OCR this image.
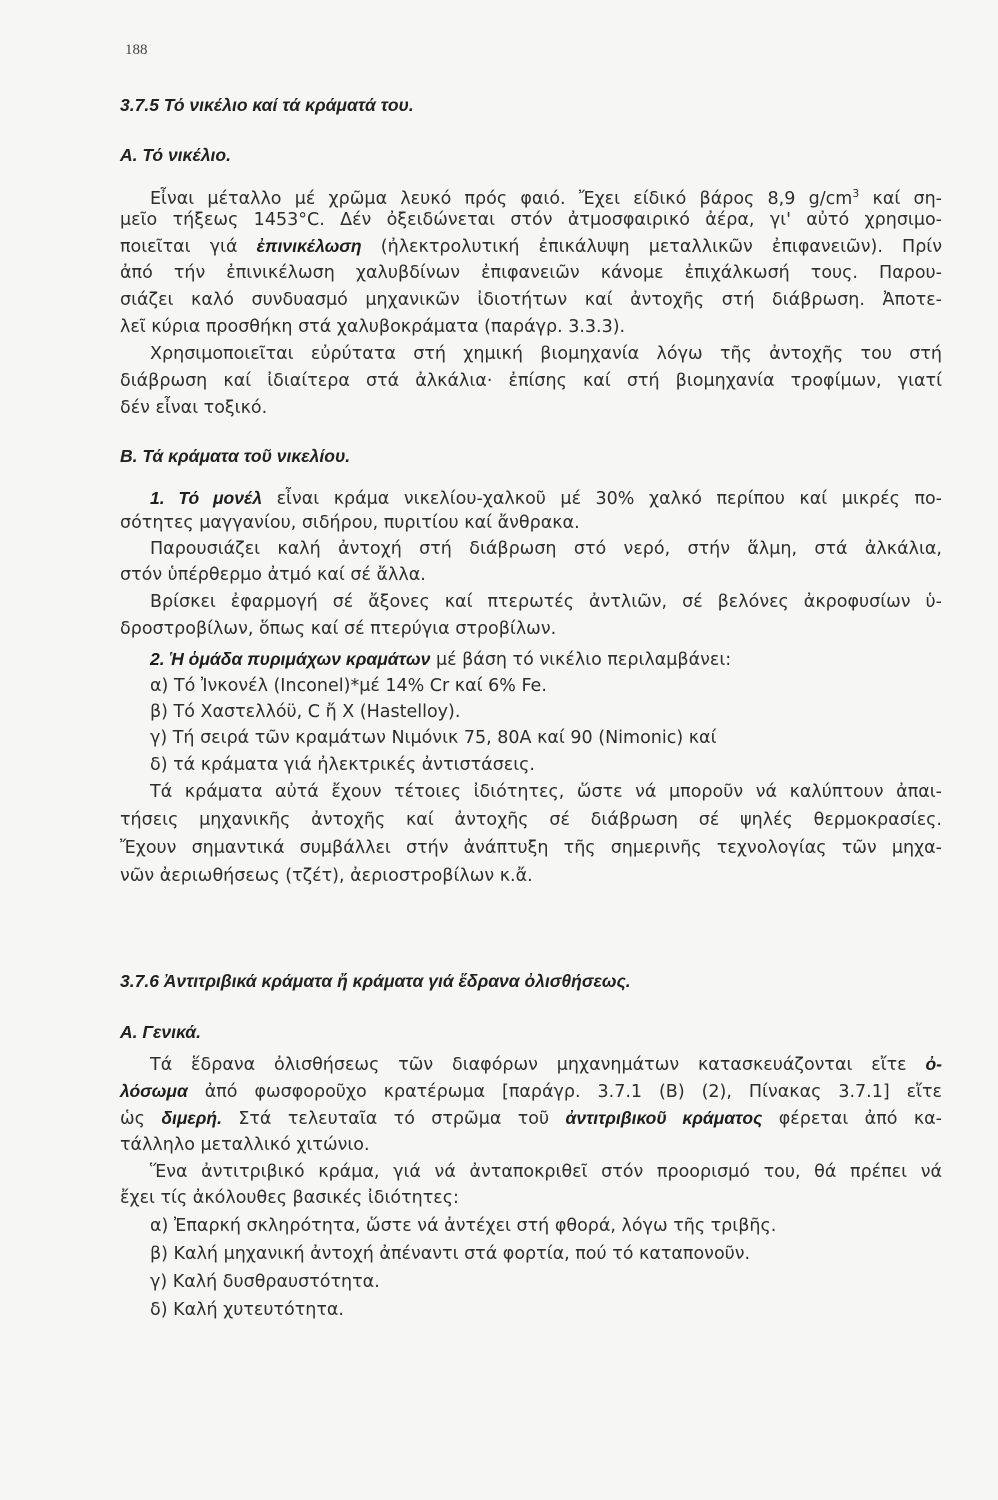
188
3.7.5 Τό νικέλιο καί τά κράματά του.
Α. Τό νικέλιο.
Εἶναι μέταλλο μέ χρῶμα λευκό πρός φαιό. Ἔχει είδικό βάρος 8,9 $g/cm^3$ καί ση-
μεῖο τήξεως 1453°C. Δέν ὀξειδώνεται στόν ἀτμοσφαιρικό ἀέρα, γι' αὐτό χρησιμο-
ποιεῖται γιά ἐπινικέλωση (ἠλεκτρολυτική ἐπικάλυψη μεταλλικῶν ἐπιφανειῶν). Πρίν
ἀπό τήν ἐπινικέλωση χαλυβδίνων ἐπιφανειῶν κάνομε ἐπιχάλκωσή τους. Παρου-
σιάζει καλό συνδυασμό μηχανικῶν ἰδιοτήτων καί ἀντοχῆς στή διάβρωση. Ἀποτε-
λεῖ κύρια προσθήκη στά χαλυβοκράματα (παράγρ. 3.3.3).
Χρησιμοποιεῖται εὐρύτατα στή χημική βιομηχανία λόγω τῆς ἀντοχῆς του στή
διάβρωση καί ἰδιαίτερα στά ἀλκάλια· ἐπίσης καί στή βιομηχανία τροφίμων, γιατί
δέν εἶναι τοξικό.
Β. Τά κράματα τοῦ νικελίου.
1. Τό μονέλ εἶναι κράμα νικελίου-χαλκοῦ μέ 30% χαλκό περίπου καί μικρές πο-
σότητες μαγγανίου, σιδήρου, πυριτίου καί ἄνθρακα.
Παρουσιάζει καλή ἀντοχή στή διάβρωση στό νερό, στήν ἅλμη, στά ἀλκάλια,
στόν ὑπέρθερμο ἀτμό καί σέ ἄλλα.
Βρίσκει ἐφαρμογή σέ ἄξονες καί πτερωτές ἀντλιῶν, σέ βελόνες ἀκροφυσίων ὑ-
δροστροβίλων, ὅπως καί σέ πτερύγια στροβίλων.
2. Ἡ ὁμάδα πυριμάχων κραμάτων μέ βάση τό νικέλιο περιλαμβάνει:
α) Τό Ἰνκονέλ (Inconel)*μέ 14% Cr καί 6% Fe.
β) Τό Χαστελλόϋ, C ἤ X (Hastelloy).
γ) Τή σειρά τῶν κραμάτων Νιμόνικ 75, 80A καί 90 (Nimonic) καί
δ) τά κράματα γιά ἠλεκτρικές ἀντιστάσεις.
Τά κράματα αὐτά ἔχουν τέτοιες ἰδιότητες, ὥστε νά μποροῦν νά καλύπτουν ἀπαι-
τήσεις μηχανικῆς ἀντοχῆς καί ἀντοχῆς σέ διάβρωση σέ ψηλές θερμοκρασίες.
Ἔχουν σημαντικά συμβάλλει στήν ἀνάπτυξη τῆς σημερινῆς τεχνολογίας τῶν μηχα-
νῶν ἀεριωθήσεως (τζέτ), ἀεριοστροβίλων κ.ἄ.
3.7.6 Ἀντιτριβικά κράματα ἤ κράματα γιά ἕδρανα ὀλισθήσεως.
Α. Γενικά.
Τά ἕδρανα ὀλισθήσεως τῶν διαφόρων μηχανημάτων κατασκευάζονται εἴτε ὀ-
λόσωμα ἀπό φωσφοροῦχο κρατέρωμα [παράγρ. 3.7.1 (Β) (2), Πίνακας 3.7.1] εἴτε
ὡς διμερή. Στά τελευταῖα τό στρῶμα τοῦ ἀντιτριβικοῦ κράματος φέρεται ἀπό κα-
τάλληλο μεταλλικό χιτώνιο.
Ἕνα ἀντιτριβικό κράμα, γιά νά ἀνταποκριθεῖ στόν προορισμό του, θά πρέπει νά
ἔχει τίς ἀκόλουθες βασικές ἰδιότητες:
α) Ἐπαρκή σκληρότητα, ὥστε νά ἀντέχει στή φθορά, λόγω τῆς τριβῆς.
β) Καλή μηχανική ἀντοχή ἀπέναντι στά φορτία, πού τό καταπονοῦν.
γ) Καλή δυσθραυστότητα.
δ) Καλή χυτευτότητα.
